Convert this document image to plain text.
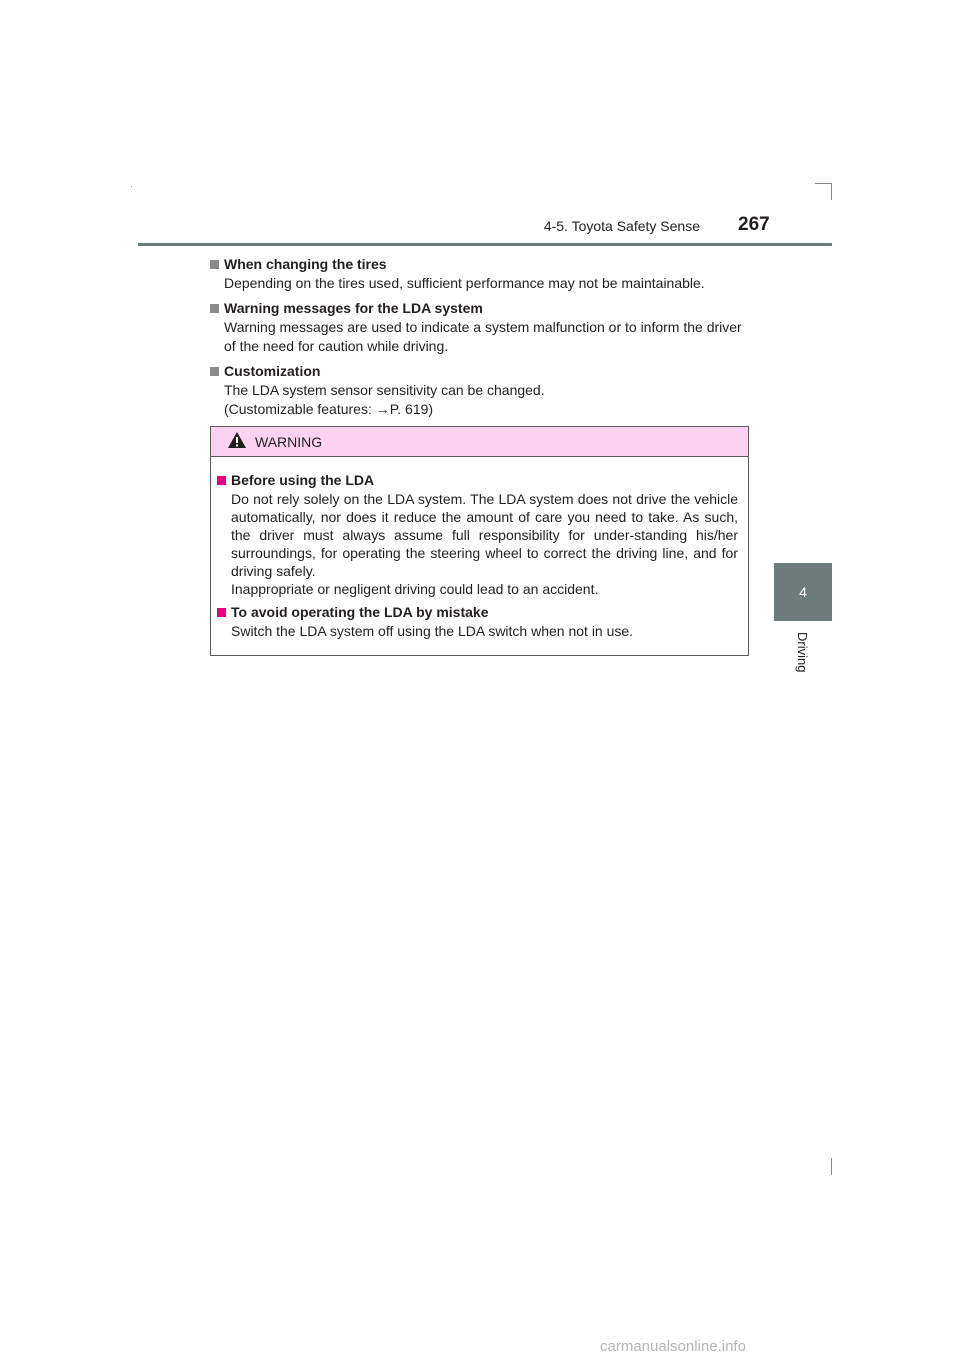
4-5. Toyota Safety Sense 267
4
Driving
When changing the tires

Depending on the tires used, sufficient performance may not be maintainable.

Warning messages for the LDA system

Warning messages are used to indicate a system malfunction or to inform the driver of the need for caution while driving.

Customization

The LDA system sensor sensitivity can be changed.

(Customizable features: →P. 619)

WARNING
Before using the LDA

Do not rely solely on the LDA system. The LDA system does not drive the vehicle automatically, nor does it reduce the amount of care you need to take. As such, the driver must always assume full responsibility for under-standing his/her surroundings, for operating the steering wheel to correct the driving line, and for driving safely.

Inappropriate or negligent driving could lead to an accident.

To avoid operating the LDA by mistake

Switch the LDA system off using the LDA switch when not in use.

carmanualsonline.info
